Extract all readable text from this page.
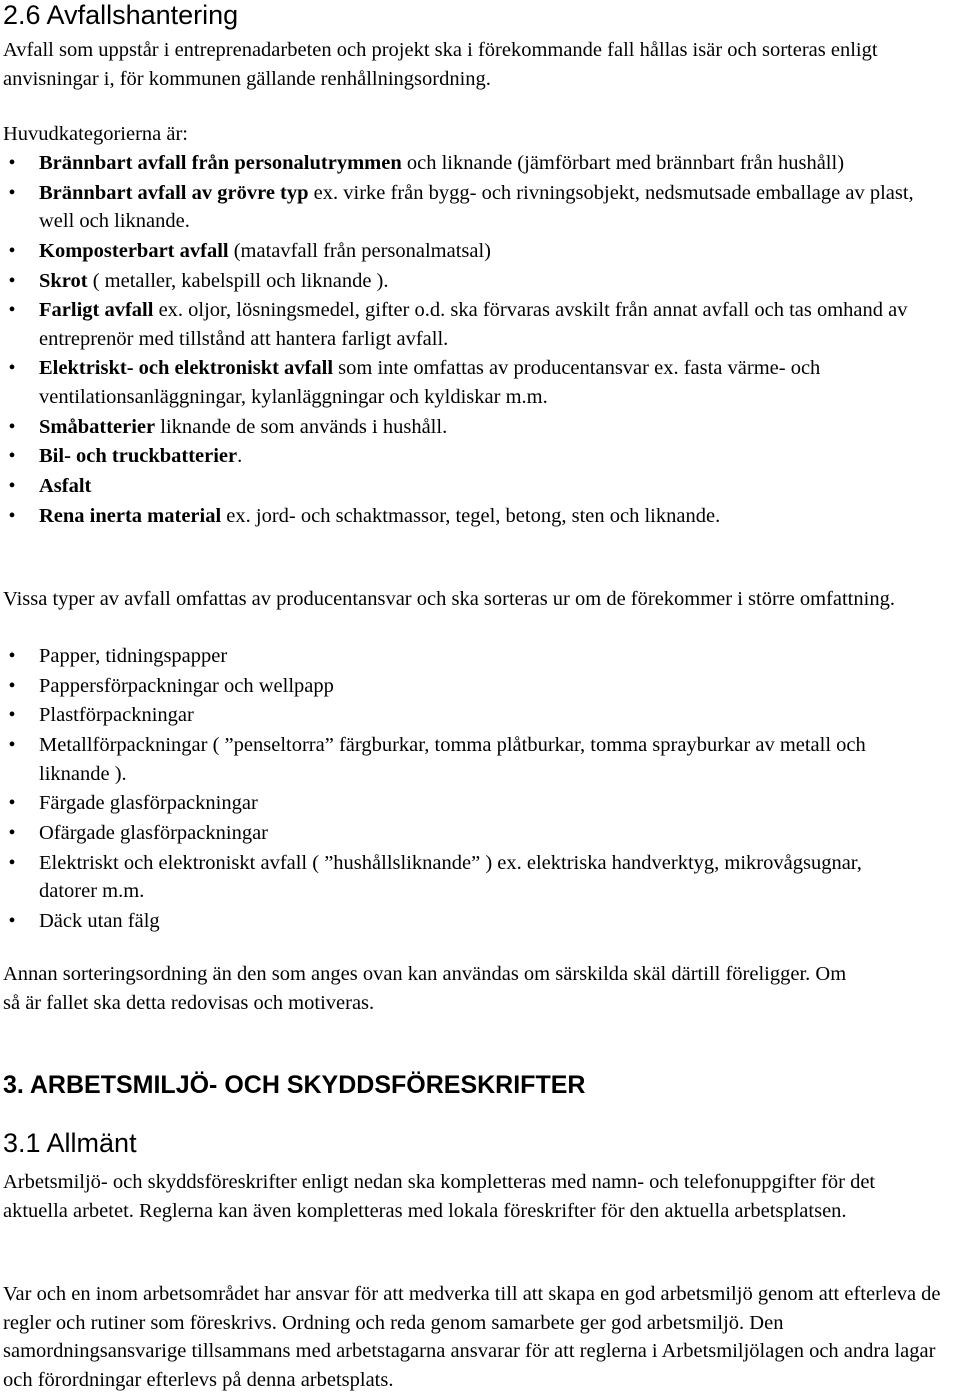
2.6 Avfallshantering

Avfall som uppstår i entreprenadarbeten och projekt ska i förekommande fall hållas isär och sorteras enligt anvisningar i, för kommunen gällande renhållningsordning.

Huvudkategorierna är:

• Brännbart avfall från personalutrymmen och liknande (jämförbart med brännbart från hushåll)
• Brännbart avfall av grövre typ ex. virke från bygg- och rivningsobjekt, nedsmutsade emballage av plast, well och liknande.
• Komposterbart avfall (matavfall från personalmatsal)
• Skrot ( metaller, kabelspill och liknande ).
• Farligt avfall ex. oljor, lösningsmedel, gifter o.d. ska förvaras avskilt från annat avfall och tas omhand av entreprenör med tillstånd att hantera farligt avfall.
• Elektriskt- och elektroniskt avfall som inte omfattas av producentansvar ex. fasta värme- och ventilationsanläggningar, kylanläggningar och kyldiskar m.m.
• Småbatterier liknande de som används i hushåll.
• Bil- och truckbatterier.
• Asfalt
• Rena inerta material ex. jord- och schaktmassor, tegel, betong, sten och liknande.

Vissa typer av avfall omfattas av producentansvar och ska sorteras ur om de förekommer i större omfattning.

• Papper, tidningspapper
• Pappersförpackningar och wellpapp
• Plastförpackningar
• Metallförpackningar ( ”penseltorra” färgburkar, tomma plåtburkar, tomma sprayburkar av metall och liknande ).
• Färgade glasförpackningar
• Ofärgade glasförpackningar
• Elektriskt och elektroniskt avfall ( ”hushållsliknande” ) ex. elektriska handverktyg, mikrovågsugnar, datorer m.m.
• Däck utan fälg

Annan sorteringsordning än den som anges ovan kan användas om särskilda skäl därtill föreligger. Om så är fallet ska detta redovisas och motiveras.

3. ARBETSMILJÖ- OCH SKYDDSFÖRESKRIFTER
3.1 Allmänt

Arbetsmiljö- och skyddsföreskrifter enligt nedan ska kompletteras med namn- och telefonuppgifter för det aktuella arbetet. Reglerna kan även kompletteras med lokala föreskrifter för den aktuella arbetsplatsen.

Var och en inom arbetsområdet har ansvar för att medverka till att skapa en god arbetsmiljö genom att efterleva de regler och rutiner som föreskrivs. Ordning och reda genom samarbete ger god arbetsmiljö. Den samordningsansvarige tillsammans med arbetstagarna ansvarar för att reglerna i Arbetsmiljölagen och andra lagar och förordningar efterlevs på denna arbetsplats.
